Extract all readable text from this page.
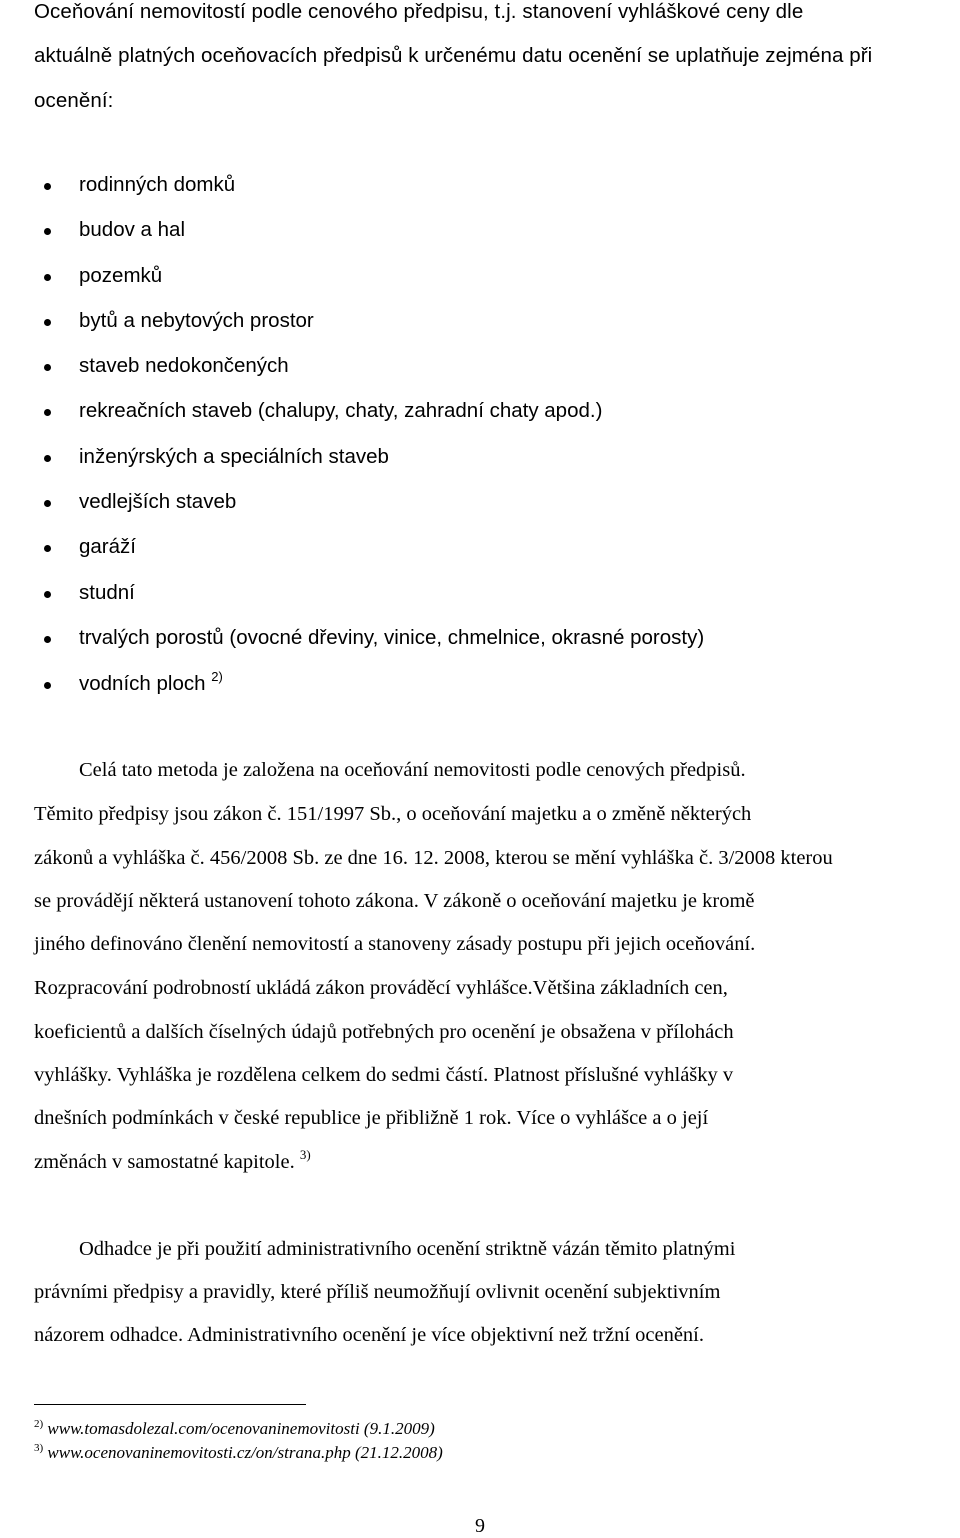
Oceňování nemovitostí podle cenového předpisu, t.j. stanovení vyhláškové ceny dle

aktuálně platných oceňovacích předpisů k určenému datu ocenění se uplatňuje zejména při

ocenění:

rodinných domků

budov a hal

pozemků

bytů a nebytových prostor

staveb nedokončených

rekreačních staveb (chalupy, chaty, zahradní chaty apod.)

inženýrských a speciálních staveb

vedlejších staveb

garáží

studní

trvalých porostů (ovocné dřeviny, vinice, chmelnice, okrasné porosty)

vodních ploch $^{2)}$

Celá tato metoda je založena na oceňování nemovitosti podle cenových předpisů.

Těmito předpisy jsou zákon č. 151/1997 Sb., o oceňování majetku a o změně některých

zákonů a vyhláška č. 456/2008 Sb. ze dne 16. 12. 2008, kterou se mění vyhláška č. 3/2008 kterou

se provádějí některá ustanovení tohoto zákona. V zákoně o oceňování majetku je kromě

jiného definováno členění nemovitostí a stanoveny zásady postupu při jejich oceňování.

Rozpracování podrobností ukládá zákon prováděcí vyhlášce.Většina základních cen,

koeficientů a dalších číselných údajů potřebných pro ocenění je obsažena v přílohách

vyhlášky. Vyhláška je rozdělena celkem do sedmi částí. Platnost příslušné vyhlášky v

dnešních podmínkách v české republice je přibližně 1 rok. Více o vyhlášce a o její

změnách v samostatné kapitole. $^{3)}$

Odhadce je při použití administrativního ocenění striktně vázán těmito platnými

právními předpisy a pravidly, které příliš neumožňují ovlivnit ocenění subjektivním

názorem odhadce. Administrativního ocenění je více objektivní než tržní ocenění.

$^{2)}$ www.tomasdolezal.com/ocenovaninemovitosti (9.1.2009)

$^{3)}$ www.ocenovaninemovitosti.cz/on/strana.php (21.12.2008)

9
